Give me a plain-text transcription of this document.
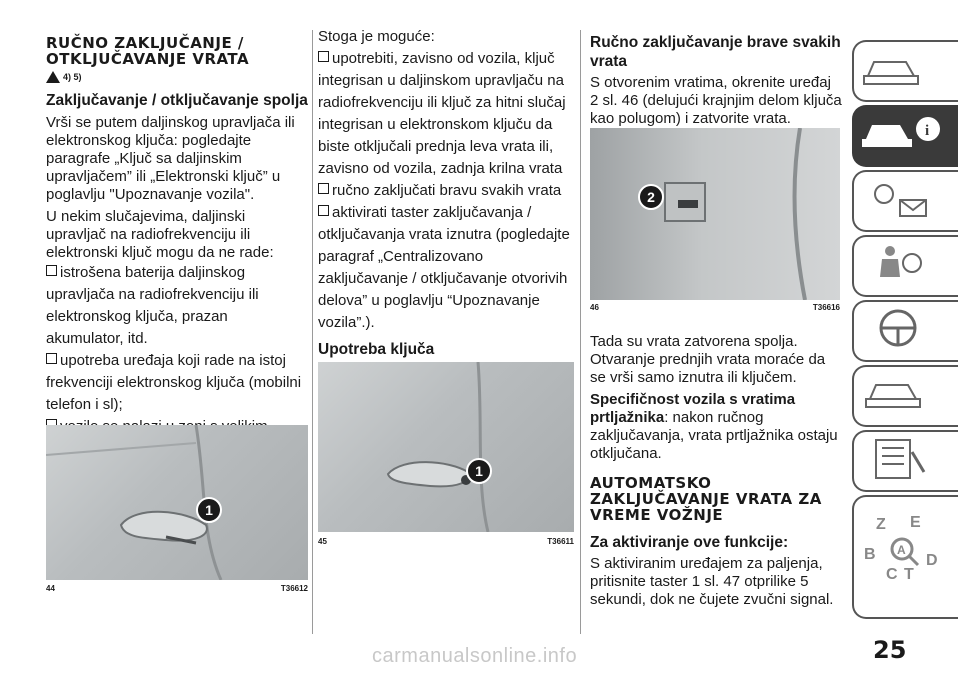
RUČNO ZAKLJUČANJE / OTKLJUČAVANJE VRATA
4) 5)
Zaključavanje / otključavanje spolja

Vrši se putem daljinskog upravljača ili elektronskog ključa: pogledajte paragrafe „Ključ sa daljinskim upravljačem” ili „Elektronski ključ” u poglavlju "Upoznavanje vozila".

U nekim slučajevima, daljinski upravljač na radiofrekvenciju ili elektronski ključ mogu da ne rade:

istrošena baterija daljinskog upravljača na radiofrekvenciju ili elektronskog ključa, prazan akumulator, itd.

upotreba uređaja koji rade na istoj frekvenciji elektronskog ključa (mobilni telefon i sl);

1
44	T36612

Stoga je moguće:

upotrebiti, zavisno od vozila, ključ integrisan u daljinskom upravljaču na radiofrekvenciju ili ključ za hitni slučaj integrisan u elektronskom ključu da biste otključali prednja leva vrata ili, zavisno od vozila, zadnja krilna vrata

ručno zaključati bravu svakih vrata

aktivirati taster zaključavanja / otključavanja vrata iznutra (pogledajte paragraf „Centralizovano zaključavanje / otključavanje otvorivih delova” u poglavlju “Upoznavanje vozila”.).

Upotreba ključa

1
45	T36611
Ručno zaključavanje brave svakih vrata

S otvorenim vratima, okrenite uređaj 2 sl. 46 (delujući krajnjim delom ključa kao polugom) i zatvorite vrata.

2
46	T36616

Tada su vrata zatvorena spolja. Otvaranje prednjih vrata moraće da se vrši samo iznutra ili ključem.

Specifičnost vozila s vratima prtljažnika: nakon ručnog zaključavanja, vrata prtljažnika ostaju otključana.

AUTOMATSKO ZAKLJUČAVANJE VRATA ZA VREME VOŽNJE
Za aktiviranje ove funkcije:

S aktiviranim uređajem za paljenja, pritisnite taster 1 sl. 47 otprilike 5 sekundi, dok ne čujete zvučni signal.

i
Z E BC TD
A
25
carmanualsonline.info
